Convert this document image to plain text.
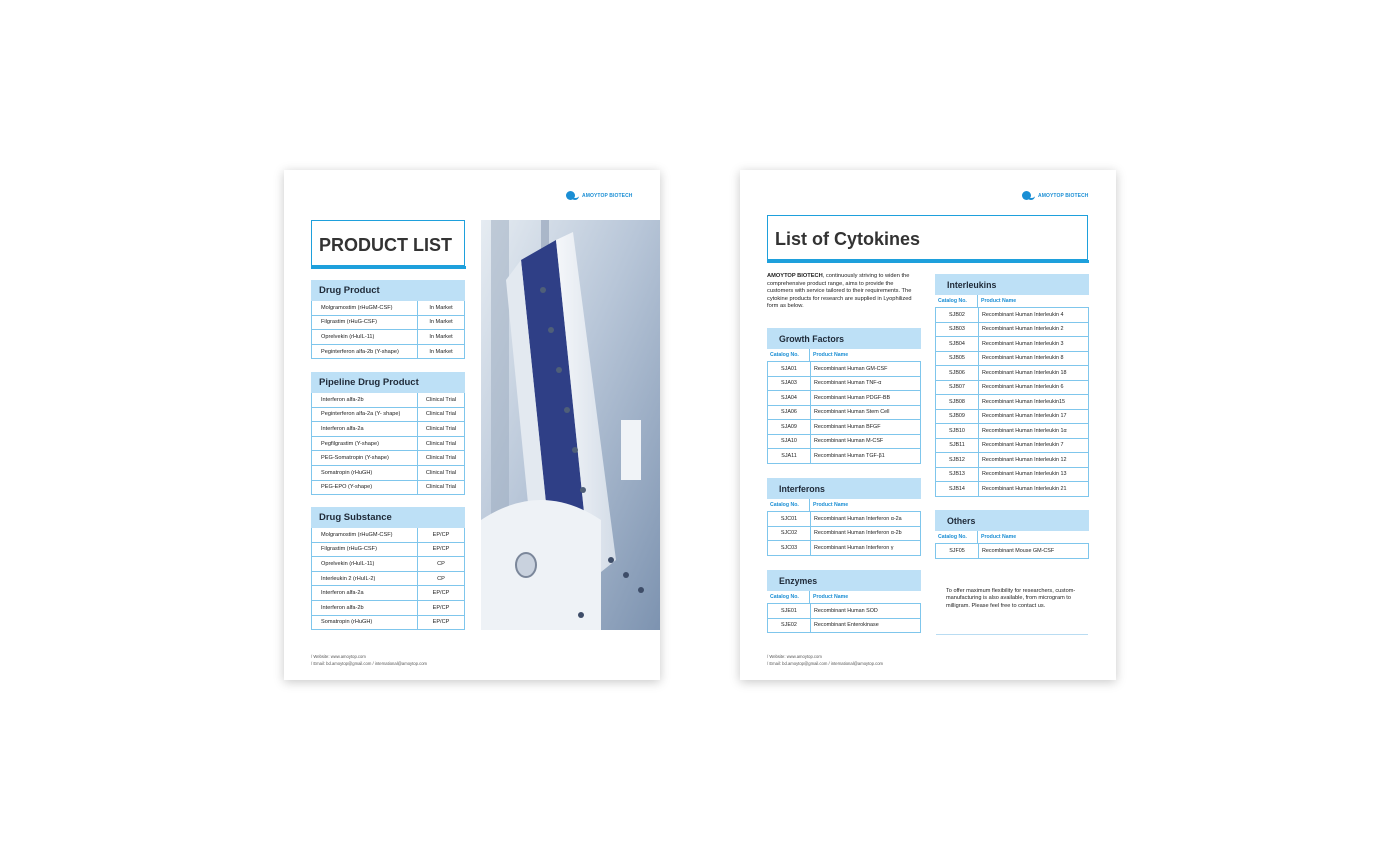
AMOYTOP BIOTECH
PRODUCT LIST
Drug Product
Molgramostim (rHuGM-CSF)	In Market
Filgrastim (rHuG-CSF)	In Market
Oprelvekin (rHuIL-11)	In Market
Peginterferon alfa-2b (Y-shape)	In Market
Pipeline Drug Product
Interferon alfa-2b	Clinical Trial
Peginterferon alfa-2a (Y- shape)	Clinical Trial
Interferon alfa-2a	Clinical Trial
Pegfilgrastim (Y-shape)	Clinical Trial
PEG-Somatropin (Y-shape)	Clinical Trial
Somatropin (rHuGH)	Clinical Trial
PEG-EPO (Y-shape)	Clinical Trial
Drug Substance
Molgramostim (rHuGM-CSF)	EP/CP
Filgrastim (rHuG-CSF)	EP/CP
Oprelvekin (rHuIL-11)	CP
Interleukin 2 (rHuIL-2)	CP
Interferon alfa-2a	EP/CP
Interferon alfa-2b	EP/CP
Somatropin (rHuGH)	EP/CP
/ Website: www.amoytop.com
/ Email: bd.amoytop@gmail.com / international@amoytop.com
AMOYTOP BIOTECH
List of Cytokines
AMOYTOP BIOTECH, continuously striving to widen the comprehensive product range, aims to provide the customers with service tailored to their requirements. The cytokine products for research are supplied in Lyophilized form as below.
Growth Factors
Catalog No.	Product Name
SJA01	Recombinant Human GM-CSF
SJA03	Recombinant Human TNF-α
SJA04	Recombinant Human PDGF-BB
SJA06	Recombinant Human Stem Cell
SJA09	Recombinant Human BFGF
SJA10	Recombinant Human M-CSF
SJA11	Recombinant Human TGF-β1
Interferons
Catalog No.	Product Name
SJC01	Recombinant Human Interferon α-2a
SJC02	Recombinant Human Interferon α-2b
SJC03	Recombinant Human Interferon γ
Enzymes
Catalog No.	Product Name
SJE01	Recombinant Human SOD
SJE02	Recombinant Enterokinase
Interleukins
Catalog No.	Product Name
SJB02	Recombinant Human Interleukin 4
SJB03	Recombinant Human Interleukin 2
SJB04	Recombinant Human Interleukin 3
SJB05	Recombinant Human Interleukin 8
SJB06	Recombinant Human Interleukin 18
SJB07	Recombinant Human Interleukin 6
SJB08	Recombinant Human Interleukin15
SJB09	Recombinant Human Interleukin 17
SJB10	Recombinant Human Interleukin 1α
SJB11	Recombinant Human Interleukin 7
SJB12	Recombinant Human Interleukin 12
SJB13	Recombinant Human Interleukin 13
SJB14	Recombinant Human Interleukin 21
Others
Catalog No.	Product Name
SJF05	Recombinant Mouse GM-CSF
To offer maximum flexibility for researchers, custom-manufacturing is also available, from microgram to milligram. Please feel free to contact us.
/ Website: www.amoytop.com
/ Email: bd.amoytop@gmail.com / international@amoytop.com
